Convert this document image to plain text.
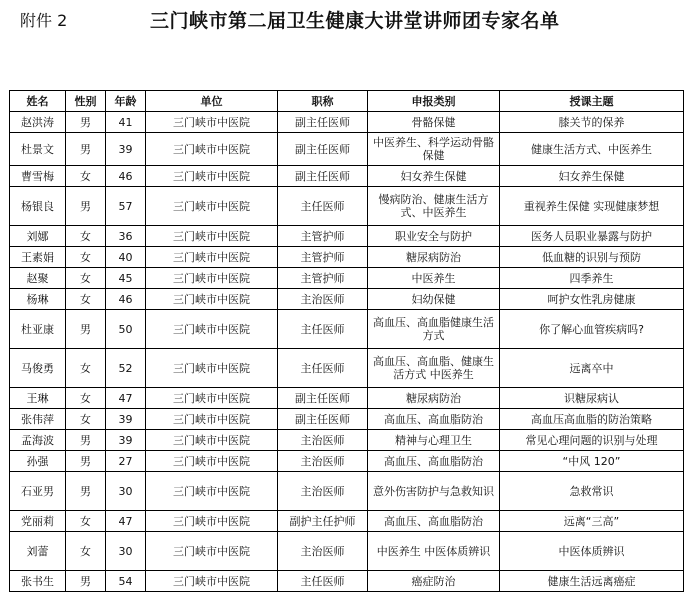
附件 2	三门峡市第二届卫生健康大讲堂讲师团专家名单
姓名	性别	年龄	单位	职称	申报类别	授课主题
赵洪涛	男	41	三门峡市中医院	副主任医师	骨骼保健	膝关节的保养
杜景文	男	39	三门峡市中医院	副主任医师	中医养生、科学运动骨骼保健	健康生活方式、中医养生
曹雪梅	女	46	三门峡市中医院	副主任医师	妇女养生保健	妇女养生保健
杨银良	男	57	三门峡市中医院	主任医师	慢病防治、健康生活方式、中医养生	重视养生保健 实现健康梦想
刘娜	女	36	三门峡市中医院	主管护师	职业安全与防护	医务人员职业暴露与防护
王素娟	女	40	三门峡市中医院	主管护师	糖尿病防治	低血糖的识别与预防
赵聚	女	45	三门峡市中医院	主管护师	中医养生	四季养生
杨琳	女	46	三门峡市中医院	主治医师	妇幼保健	呵护女性乳房健康
杜亚康	男	50	三门峡市中医院	主任医师	高血压、高血脂健康生活方式	你了解心血管疾病吗?
马俊勇	女	52	三门峡市中医院	主任医师	高血压、高血脂、健康生活方式 中医养生	远离卒中
王琳	女	47	三门峡市中医院	副主任医师	糖尿病防治	识糖尿病认
张伟萍	女	39	三门峡市中医院	副主任医师	高血压、高血脂防治	高血压高血脂的防治策略
孟海波	男	39	三门峡市中医院	主治医师	精神与心理卫生	常见心理问题的识别与处理
孙强	男	27	三门峡市中医院	主治医师	高血压、高血脂防治	“中风 120”
石亚男	男	30	三门峡市中医院	主治医师	意外伤害防护与急救知识	急救常识
党丽莉	女	47	三门峡市中医院	副护主任护师	高血压、高血脂防治	远离“三高”
刘蕾	女	30	三门峡市中医院	主治医师	中医养生 中医体质辨识	中医体质辨识
张书生	男	54	三门峡市中医院	主任医师	癌症防治	健康生活远离癌症
